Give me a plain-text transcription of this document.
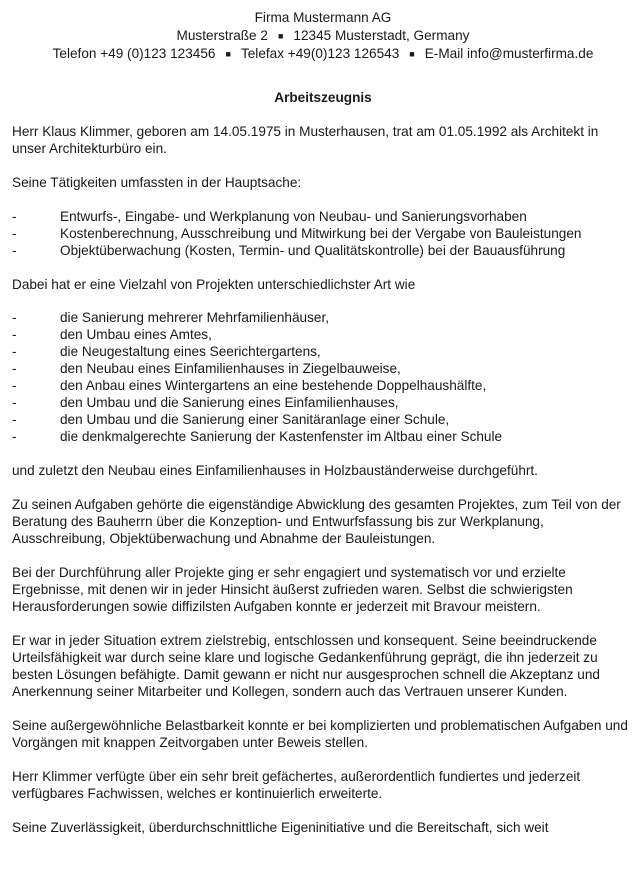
Firma Mustermann AG
Musterstraße 2 ■ 12345 Musterstadt, Germany
Telefon +49 (0)123 123456 ■ Telefax +49(0)123 126543 ■ E-Mail info@musterfirma.de
Arbeitszeugnis
Herr Klaus Klimmer, geboren am 14.05.1975 in Musterhausen, trat am 01.05.1992 als Architekt in unser Architekturbüro ein.
Seine Tätigkeiten umfassten in der Hauptsache:
-	Entwurfs-, Eingabe- und Werkplanung von Neubau- und Sanierungsvorhaben
-	Kostenberechnung, Ausschreibung und Mitwirkung bei der Vergabe von Bauleistungen
-	Objektüberwachung (Kosten, Termin- und Qualitätskontrolle) bei der Bauausführung
Dabei hat er eine Vielzahl von Projekten unterschiedlichster Art wie
-	die Sanierung mehrerer Mehrfamilienhäuser,
-	den Umbau eines Amtes,
-	die Neugestaltung eines Seerichtergartens,
-	den Neubau eines Einfamilienhauses in Ziegelbauweise,
-	den Anbau eines Wintergartens an eine bestehende Doppelhaushälfte,
-	den Umbau und die Sanierung eines Einfamilienhauses,
-	den Umbau und die Sanierung einer Sanitäranlage einer Schule,
-	die denkmalgerechte Sanierung der Kastenfenster im Altbau einer Schule
und zuletzt den Neubau eines Einfamilienhauses in Holzbauständerweise durchgeführt.
Zu seinen Aufgaben gehörte die eigenständige Abwicklung des gesamten Projektes, zum Teil von der Beratung des Bauherrn über die Konzeption- und Entwurfsfassung bis zur Werkplanung, Ausschreibung, Objektüberwachung und Abnahme der Bauleistungen.
Bei der Durchführung aller Projekte ging er sehr engagiert und systematisch vor und erzielte Ergebnisse, mit denen wir in jeder Hinsicht äußerst zufrieden waren. Selbst die schwierigsten Herausforderungen sowie diffizilsten Aufgaben konnte er jederzeit mit Bravour meistern.
Er war in jeder Situation extrem zielstrebig, entschlossen und konsequent. Seine beeindruckende Urteilsfähigkeit war durch seine klare und logische Gedankenführung geprägt, die ihn jederzeit zu besten Lösungen befähigte. Damit gewann er nicht nur ausgesprochen schnell die Akzeptanz und Anerkennung seiner Mitarbeiter und Kollegen, sondern auch das Vertrauen unserer Kunden.
Seine außergewöhnliche Belastbarkeit konnte er bei komplizierten und problematischen Aufgaben und Vorgängen mit knappen Zeitvorgaben unter Beweis stellen.
Herr Klimmer verfügte über ein sehr breit gefächertes, außerordentlich fundiertes und jederzeit verfügbares Fachwissen, welches er kontinuierlich erweiterte.
Seine Zuverlässigkeit, überdurchschnittliche Eigeninitiative und die Bereitschaft, sich weit
